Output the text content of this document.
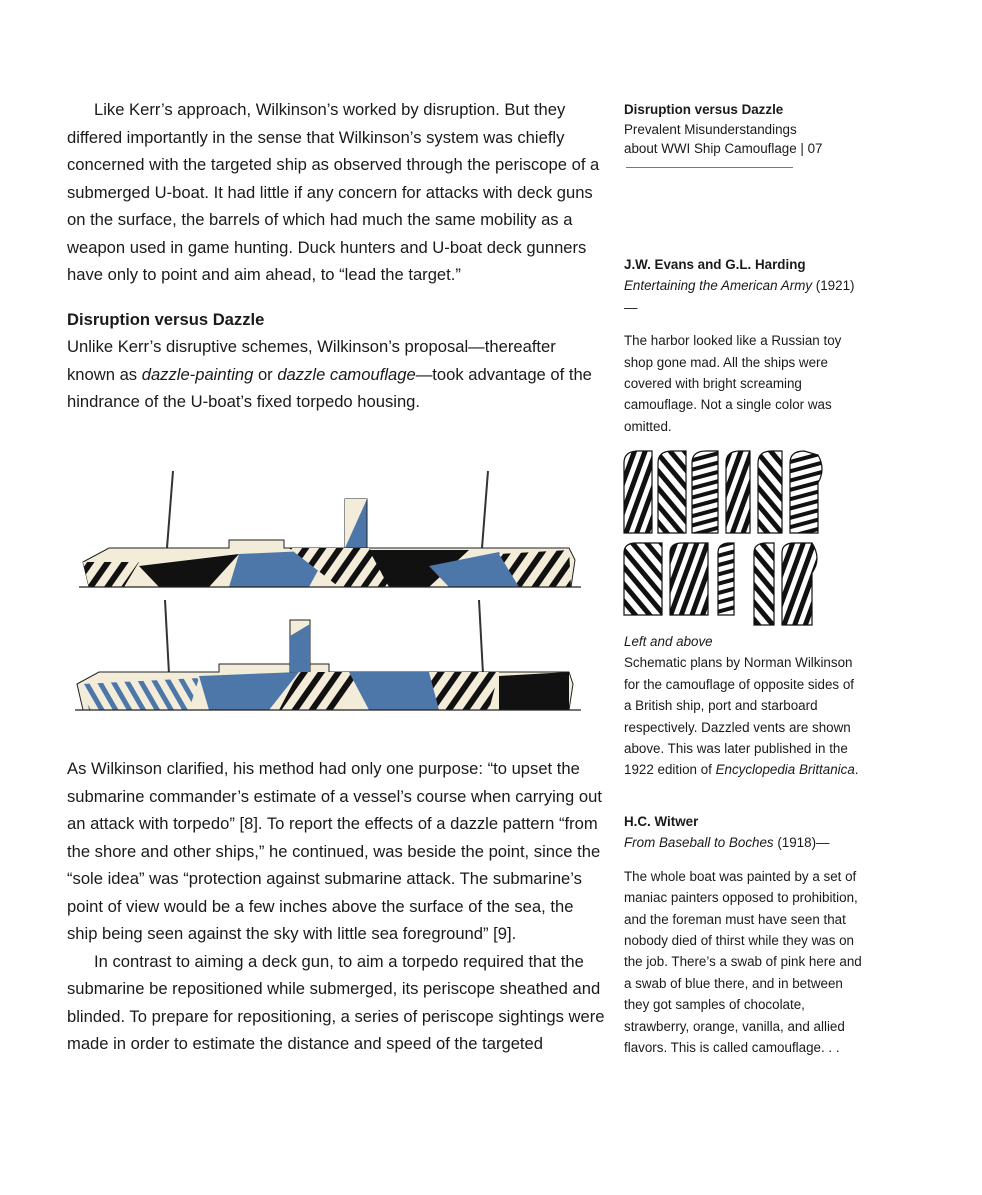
Like Kerr’s approach, Wilkinson’s worked by disruption. But they differed importantly in the sense that Wilkinson’s system was chiefly concerned with the targeted ship as observed through the periscope of a submerged U-boat. It had little if any concern for attacks with deck guns on the surface, the barrels of which had much the same mobility as a weapon used in game hunting. Duck hunters and U-boat deck gunners have only to point and aim ahead, to “lead the target.”

Disruption versus Dazzle

Unlike Kerr’s disruptive schemes, Wilkinson’s proposal—thereafter known as dazzle-painting or dazzle camouflage—took advantage of the hindrance of the U-boat’s fixed torpedo housing.

As Wilkinson clarified, his method had only one purpose: “to upset the submarine commander’s estimate of a vessel’s course when carrying out an attack with torpedo” [8]. To report the effects of a dazzle pattern “from the shore and other ships,” he continued, was beside the point, since the “sole idea” was “protection against submarine attack. The submarine’s point of view would be a few inches above the surface of the sea, the ship being seen against the sky with little sea foreground” [9].

In contrast to aiming a deck gun, to aim a torpedo required that the submarine be repositioned while submerged, its periscope sheathed and blinded. To prepare for repositioning, a series of periscope sightings were made in order to estimate the distance and speed of the targeted

Disruption versus Dazzle

Prevalent Misunderstandings

about WWI Ship Camouflage | 07

J.W. Evans and G.L. Harding

Entertaining the American Army (1921)—

The harbor looked like a Russian toy shop gone mad. All the ships were covered with bright screaming camouflage. Not a single color was omitted.

Left and above

Schematic plans by Norman Wilkinson for the camouflage of opposite sides of a British ship, port and starboard respectively. Dazzled vents are shown above. This was later published in the 1922 edition of Encyclopedia Brittanica.

H.C. Witwer

From Baseball to Boches (1918)—

The whole boat was painted by a set of maniac painters opposed to prohibition, and the foreman must have seen that nobody died of thirst while they was on the job. There’s a swab of pink here and a swab of blue there, and in between they got samples of chocolate, strawberry, orange, vanilla, and allied flavors. This is called camouflage. . .
